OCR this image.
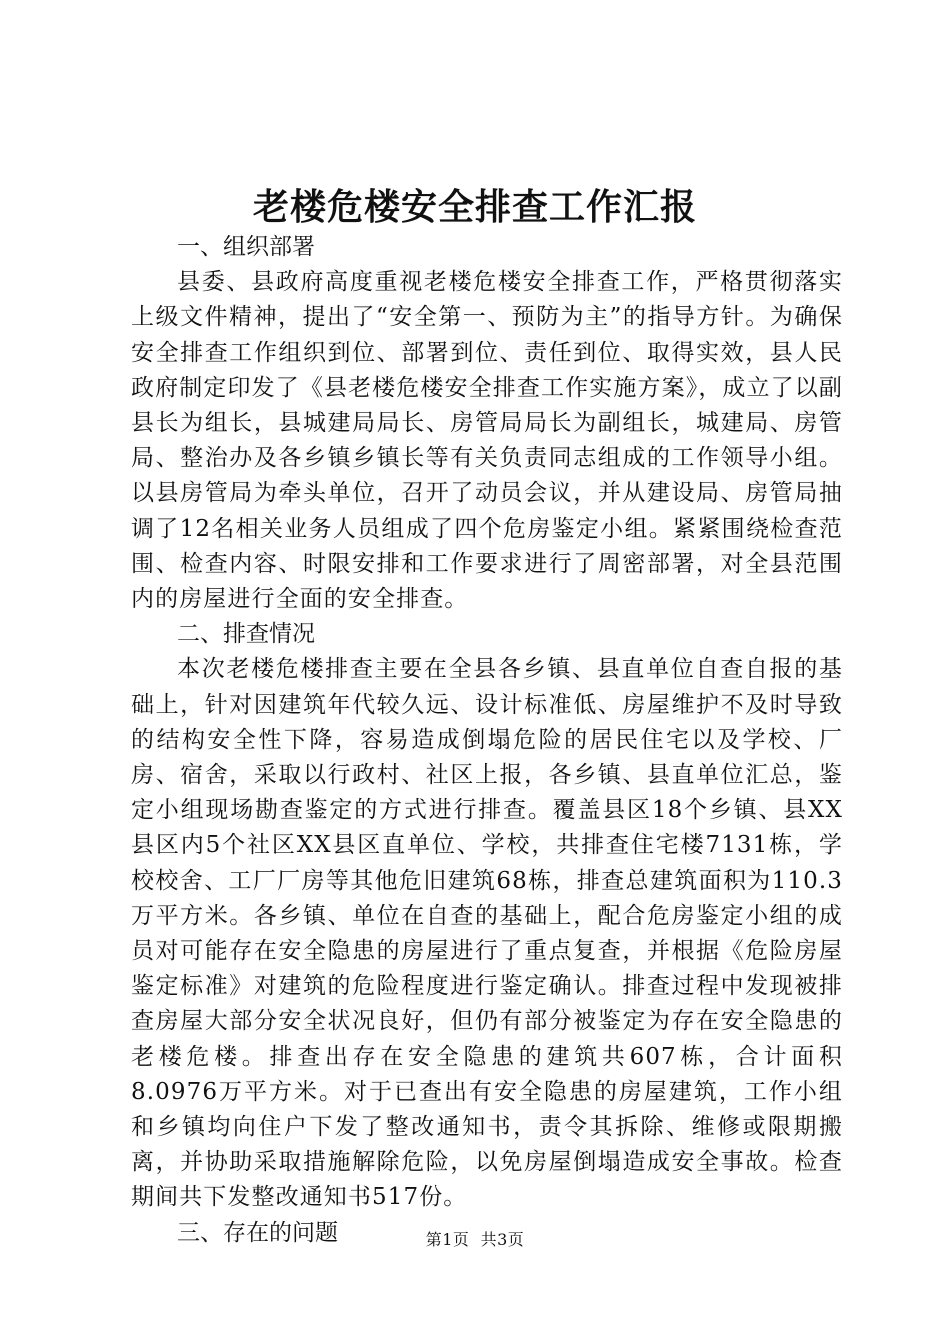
老楼危楼安全排查工作汇报

一、组织部署

县委、县政府高度重视老楼危楼安全排查工作，严格贯彻落实上级文件精神，提出了“安全第一、预防为主”的指导方针。为确保安全排查工作组织到位、部署到位、责任到位、取得实效，县人民政府制定印发了《县老楼危楼安全排查工作实施方案》，成立了以副县长为组长，县城建局局长、房管局局长为副组长，城建局、房管局、整治办及各乡镇乡镇长等有关负责同志组成的工作领导小组。以县房管局为牵头单位，召开了动员会议，并从建设局、房管局抽调了12名相关业务人员组成了四个危房鉴定小组。紧紧围绕检查范围、检查内容、时限安排和工作要求进行了周密部署，对全县范围内的房屋进行全面的安全排查。

二、排查情况

本次老楼危楼排查主要在全县各乡镇、县直单位自查自报的基础上，针对因建筑年代较久远、设计标准低、房屋维护不及时导致的结构安全性下降，容易造成倒塌危险的居民住宅以及学校、厂房、宿舍，采取以行政村、社区上报，各乡镇、县直单位汇总，鉴定小组现场勘查鉴定的方式进行排查。覆盖县区18个乡镇、县XX县区内5个社区XX县区直单位、学校，共排查住宅楼7131栋，学校校舍、工厂厂房等其他危旧建筑68栋，排查总建筑面积为110.3万平方米。各乡镇、单位在自查的基础上，配合危房鉴定小组的成员对可能存在安全隐患的房屋进行了重点复查，并根据《危险房屋鉴定标准》对建筑的危险程度进行鉴定确认。排查过程中发现被排查房屋大部分安全状况良好，但仍有部分被鉴定为存在安全隐患的老楼危楼。排查出存在安全隐患的建筑共607栋，合计面积8.0976万平方米。对于已查出有安全隐患的房屋建筑，工作小组和乡镇均向住户下发了整改通知书，责令其拆除、维修或限期搬离，并协助采取措施解除危险，以免房屋倒塌造成安全事故。检查期间共下发整改通知书517份。

三、存在的问题	第1页  共3页
